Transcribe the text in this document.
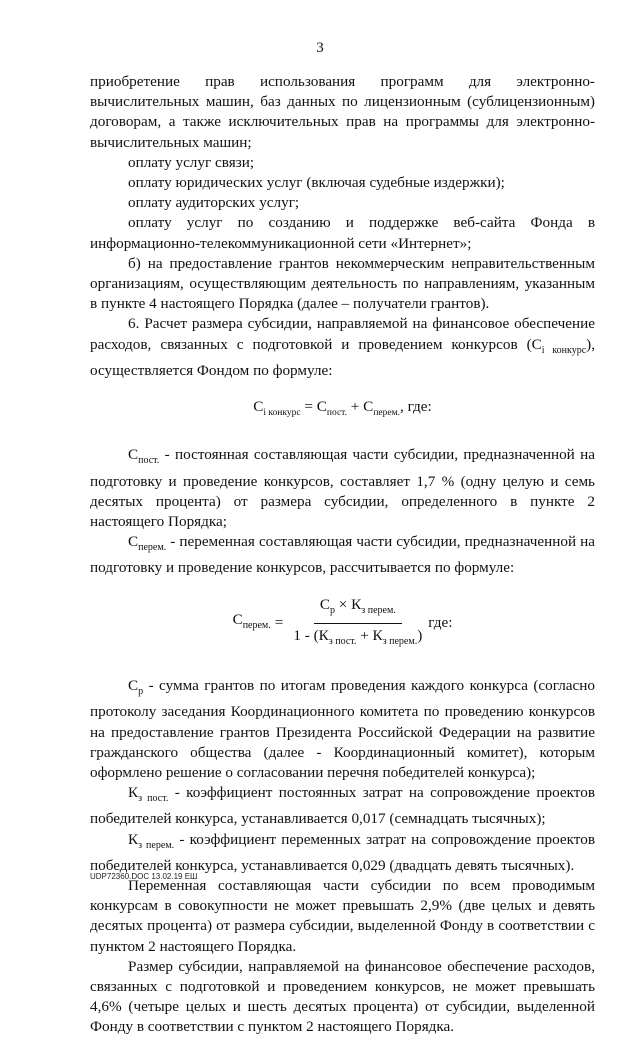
3

приобретение прав использования программ для электронно-вычислительных машин, баз данных по лицензионным (сублицензионным) договорам, а также исключительных прав на программы для электронно-вычислительных машин;

оплату услуг связи;

оплату юридических услуг (включая судебные издержки);

оплату аудиторских услуг;

оплату услуг по созданию и поддержке веб-сайта Фонда в информационно-телекоммуникационной сети «Интернет»;

б) на предоставление грантов некоммерческим неправительственным организациям, осуществляющим деятельность по направлениям, указанным в пункте 4 настоящего Порядка (далее – получатели грантов).

6. Расчет размера субсидии, направляемой на финансовое обеспечение расходов, связанных с подготовкой и проведением конкурсов $(С_{i конкурс})$, осуществляется Фондом по формуле:

$С_{i конкурс} = С_{пост.} + С_{перем.}$, где:

$С_{пост.}$ - постоянная составляющая части субсидии, предназначенной на подготовку и проведение конкурсов, составляет 1,7 % (одну целую и семь десятых процента) от размера субсидии, определенного в пункте 2 настоящего Порядка;

$С_{перем.}$ - переменная составляющая части субсидии, предназначенной на подготовку и проведение конкурсов, рассчитывается по формуле:

$С_{перем.} = \frac{С_р \times К_{з перем.}}{1 - (К_{з пост.} + К_{з перем.})}$ где:

$С_р$ - сумма грантов по итогам проведения каждого конкурса (согласно протоколу заседания Координационного комитета по проведению конкурсов на предоставление грантов Президента Российской Федерации на развитие гражданского общества (далее - Координационный комитет), которым оформлено решение о согласовании перечня победителей конкурса);

$К_{з пост.}$ - коэффициент постоянных затрат на сопровождение проектов победителей конкурса, устанавливается 0,017 (семнадцать тысячных);

$К_{з перем.}$ - коэффициент переменных затрат на сопровождение проектов победителей конкурса, устанавливается 0,029 (двадцать девять тысячных).

Переменная составляющая части субсидии по всем проводимым конкурсам в совокупности не может превышать 2,9% (две целых и девять десятых процента) от размера субсидии, выделенной Фонду в соответствии с пунктом 2 настоящего Порядка.

Размер субсидии, направляемой на финансовое обеспечение расходов, связанных с подготовкой и проведением конкурсов, не может превышать 4,6% (четыре целых и шесть десятых процента) от субсидии, выделенной Фонду в соответствии с пунктом 2 настоящего Порядка.

UDP72360.DOC 13.02.19 ЕШ
